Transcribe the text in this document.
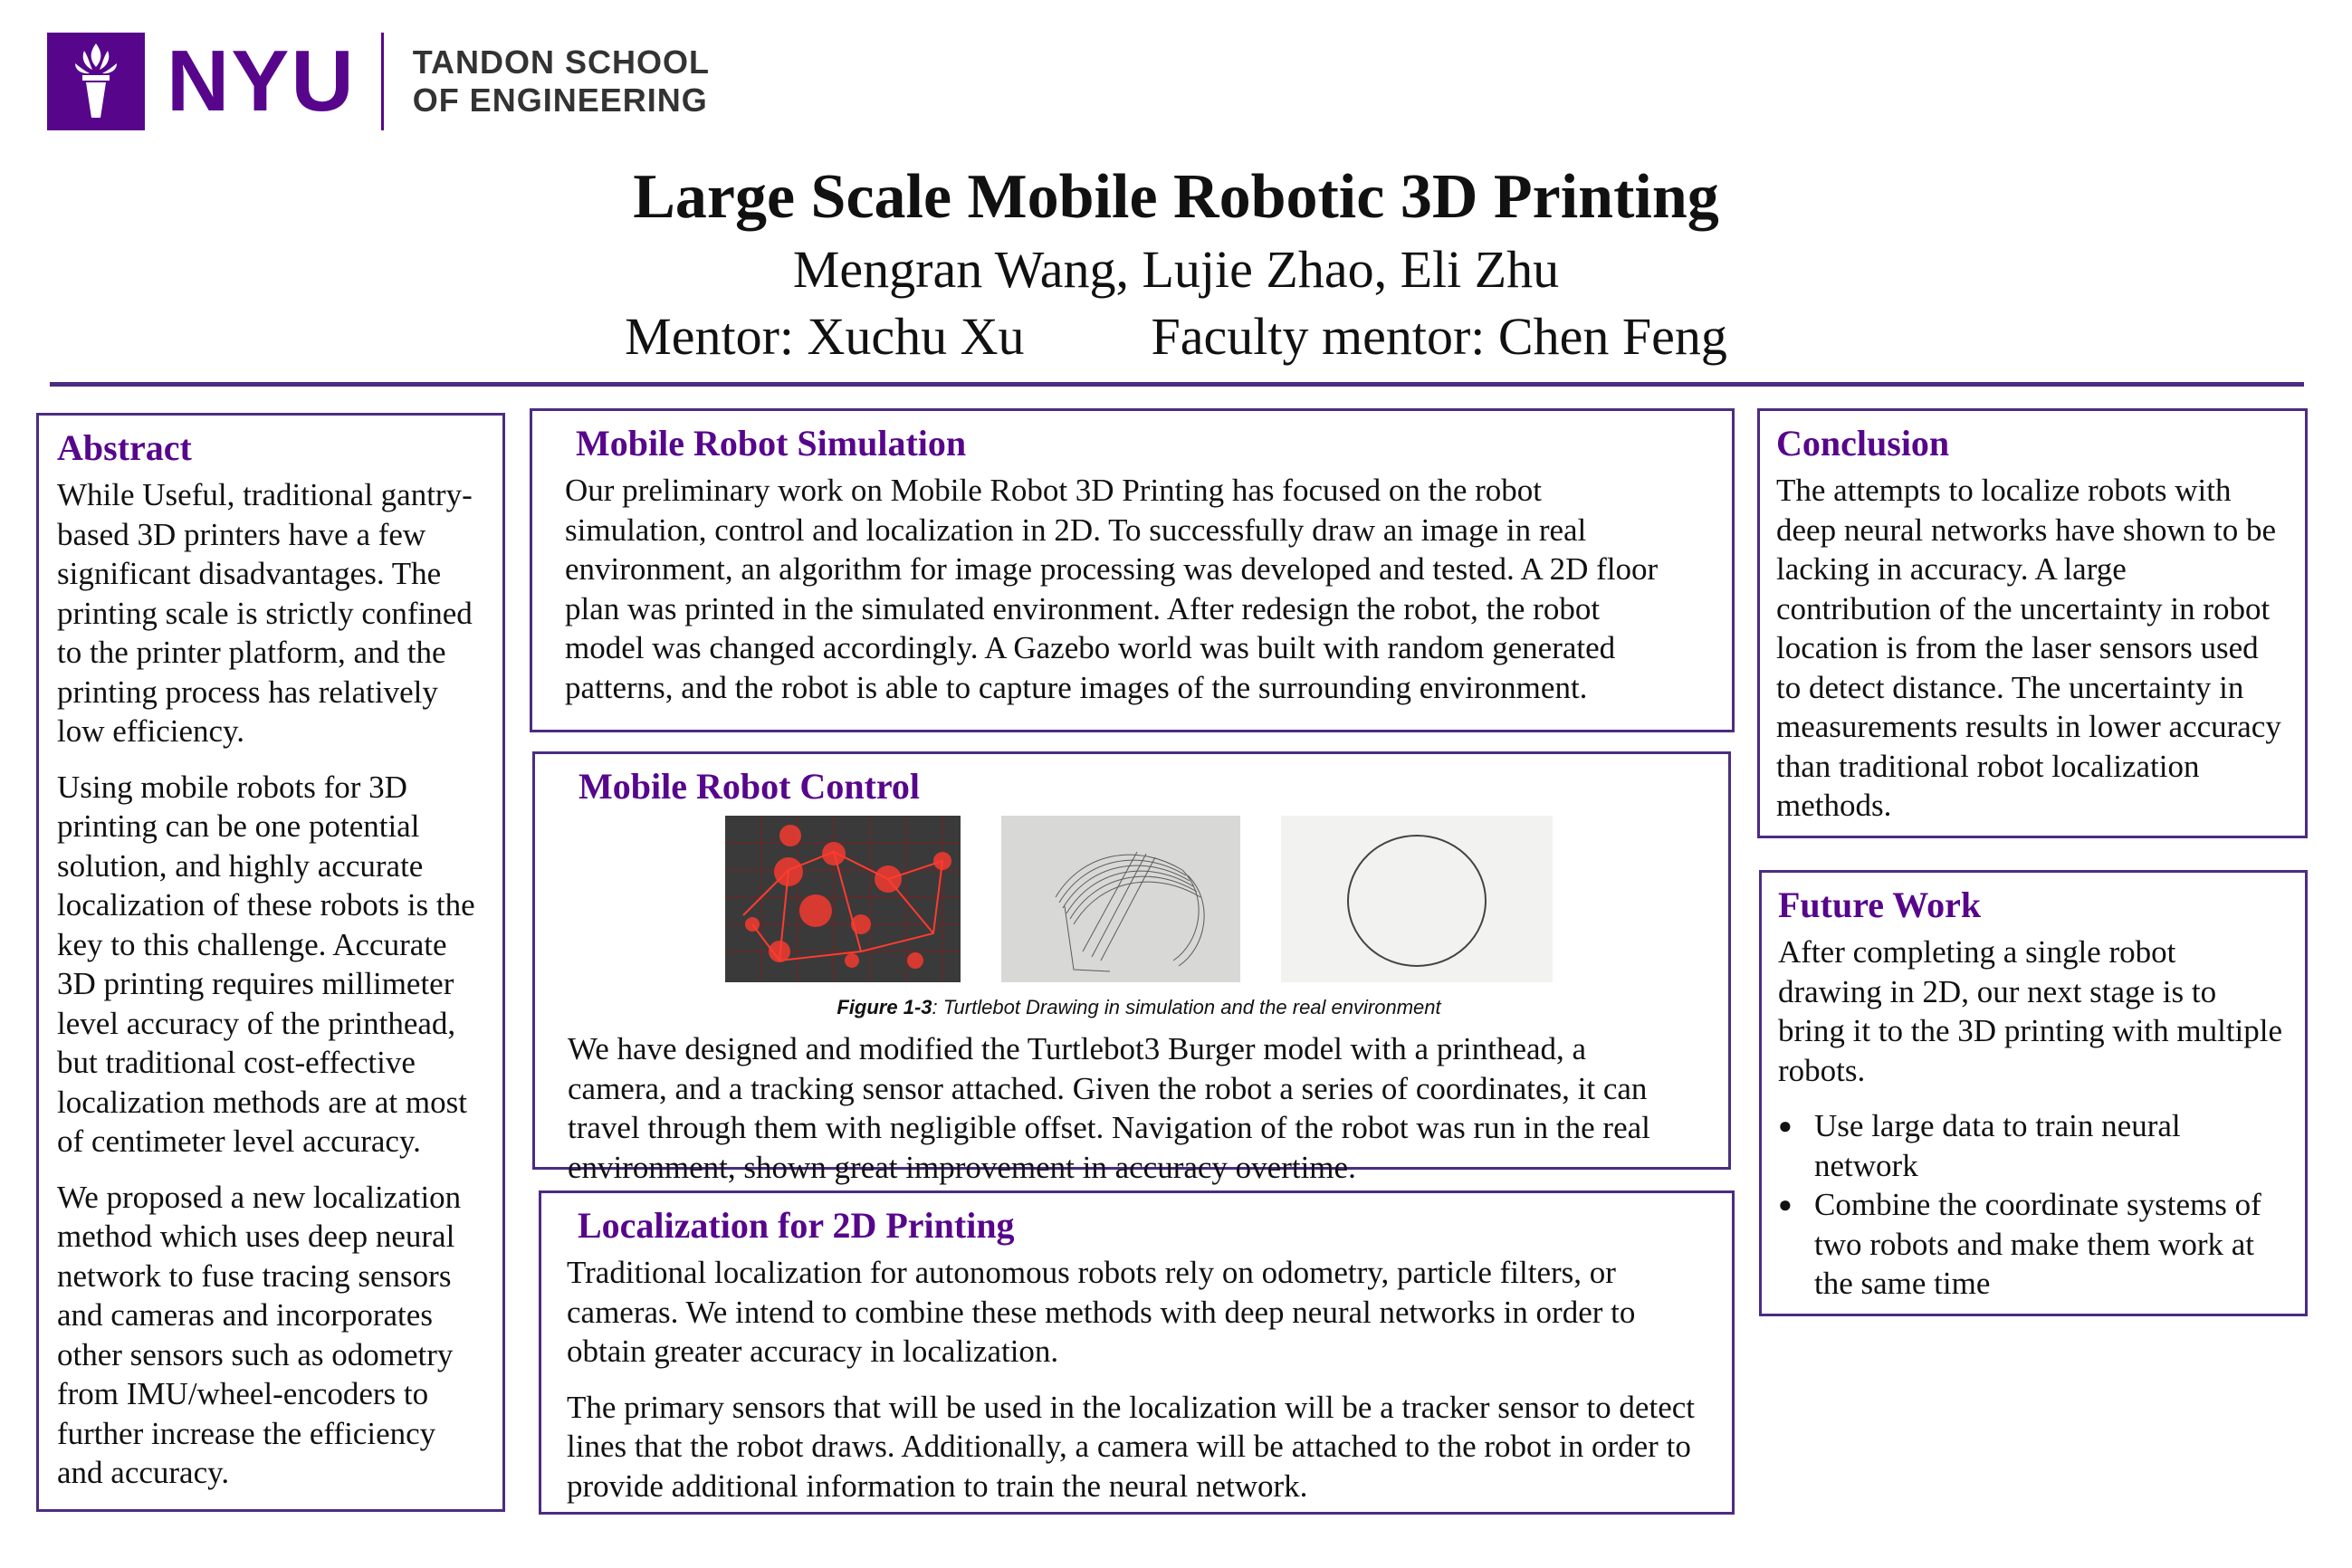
NYU TANDON SCHOOL
OF ENGINEERING
Large Scale Mobile Robotic 3D Printing
Mengran Wang, Lujie Zhao, Eli Zhu
Mentor: Xuchu Xu Faculty mentor: Chen Feng
Abstract

While Useful, traditional gantry-based 3D printers have a few significant disadvantages. The printing scale is strictly confined to the printer platform, and the printing process has relatively low efficiency.

Using mobile robots for 3D printing can be one potential solution, and highly accurate localization of these robots is the key to this challenge. Accurate 3D printing requires millimeter level accuracy of the printhead, but traditional cost-effective localization methods are at most of centimeter level accuracy.

We proposed a new localization method which uses deep neural network to fuse tracing sensors and cameras and incorporates other sensors such as odometry from IMU/wheel-encoders to further increase the efficiency and accuracy.

Mobile Robot Simulation

Our preliminary work on Mobile Robot 3D Printing has focused on the robot simulation, control and localization in 2D. To successfully draw an image in real environment, an algorithm for image processing was developed and tested. A 2D floor plan was printed in the simulated environment. After redesign the robot, the robot model was changed accordingly. A Gazebo world was built with random generated patterns, and the robot is able to capture images of the surrounding environment.

Mobile Robot Control
Figure 1-3: Turtlebot Drawing in simulation and the real environment

We have designed and modified the Turtlebot3 Burger model with a printhead, a camera, and a tracking sensor attached. Given the robot a series of coordinates, it can travel through them with negligible offset. Navigation of the robot was run in the real environment, shown great improvement in accuracy overtime.

Localization for 2D Printing

Traditional localization for autonomous robots rely on odometry, particle filters, or cameras. We intend to combine these methods with deep neural networks in order to obtain greater accuracy in localization.

The primary sensors that will be used in the localization will be a tracker sensor to detect lines that the robot draws. Additionally, a camera will be attached to the robot in order to provide additional information to train the neural network.

Conclusion

The attempts to localize robots with deep neural networks have shown to be lacking in accuracy. A large contribution of the uncertainty in robot location is from the laser sensors used to detect distance. The uncertainty in measurements results in lower accuracy than traditional robot localization methods.

Future Work

After completing a single robot drawing in 2D, our next stage is to bring it to the 3D printing with multiple robots.

● Use large data to train neural network
● Combine the coordinate systems of two robots and make them work at the same time
